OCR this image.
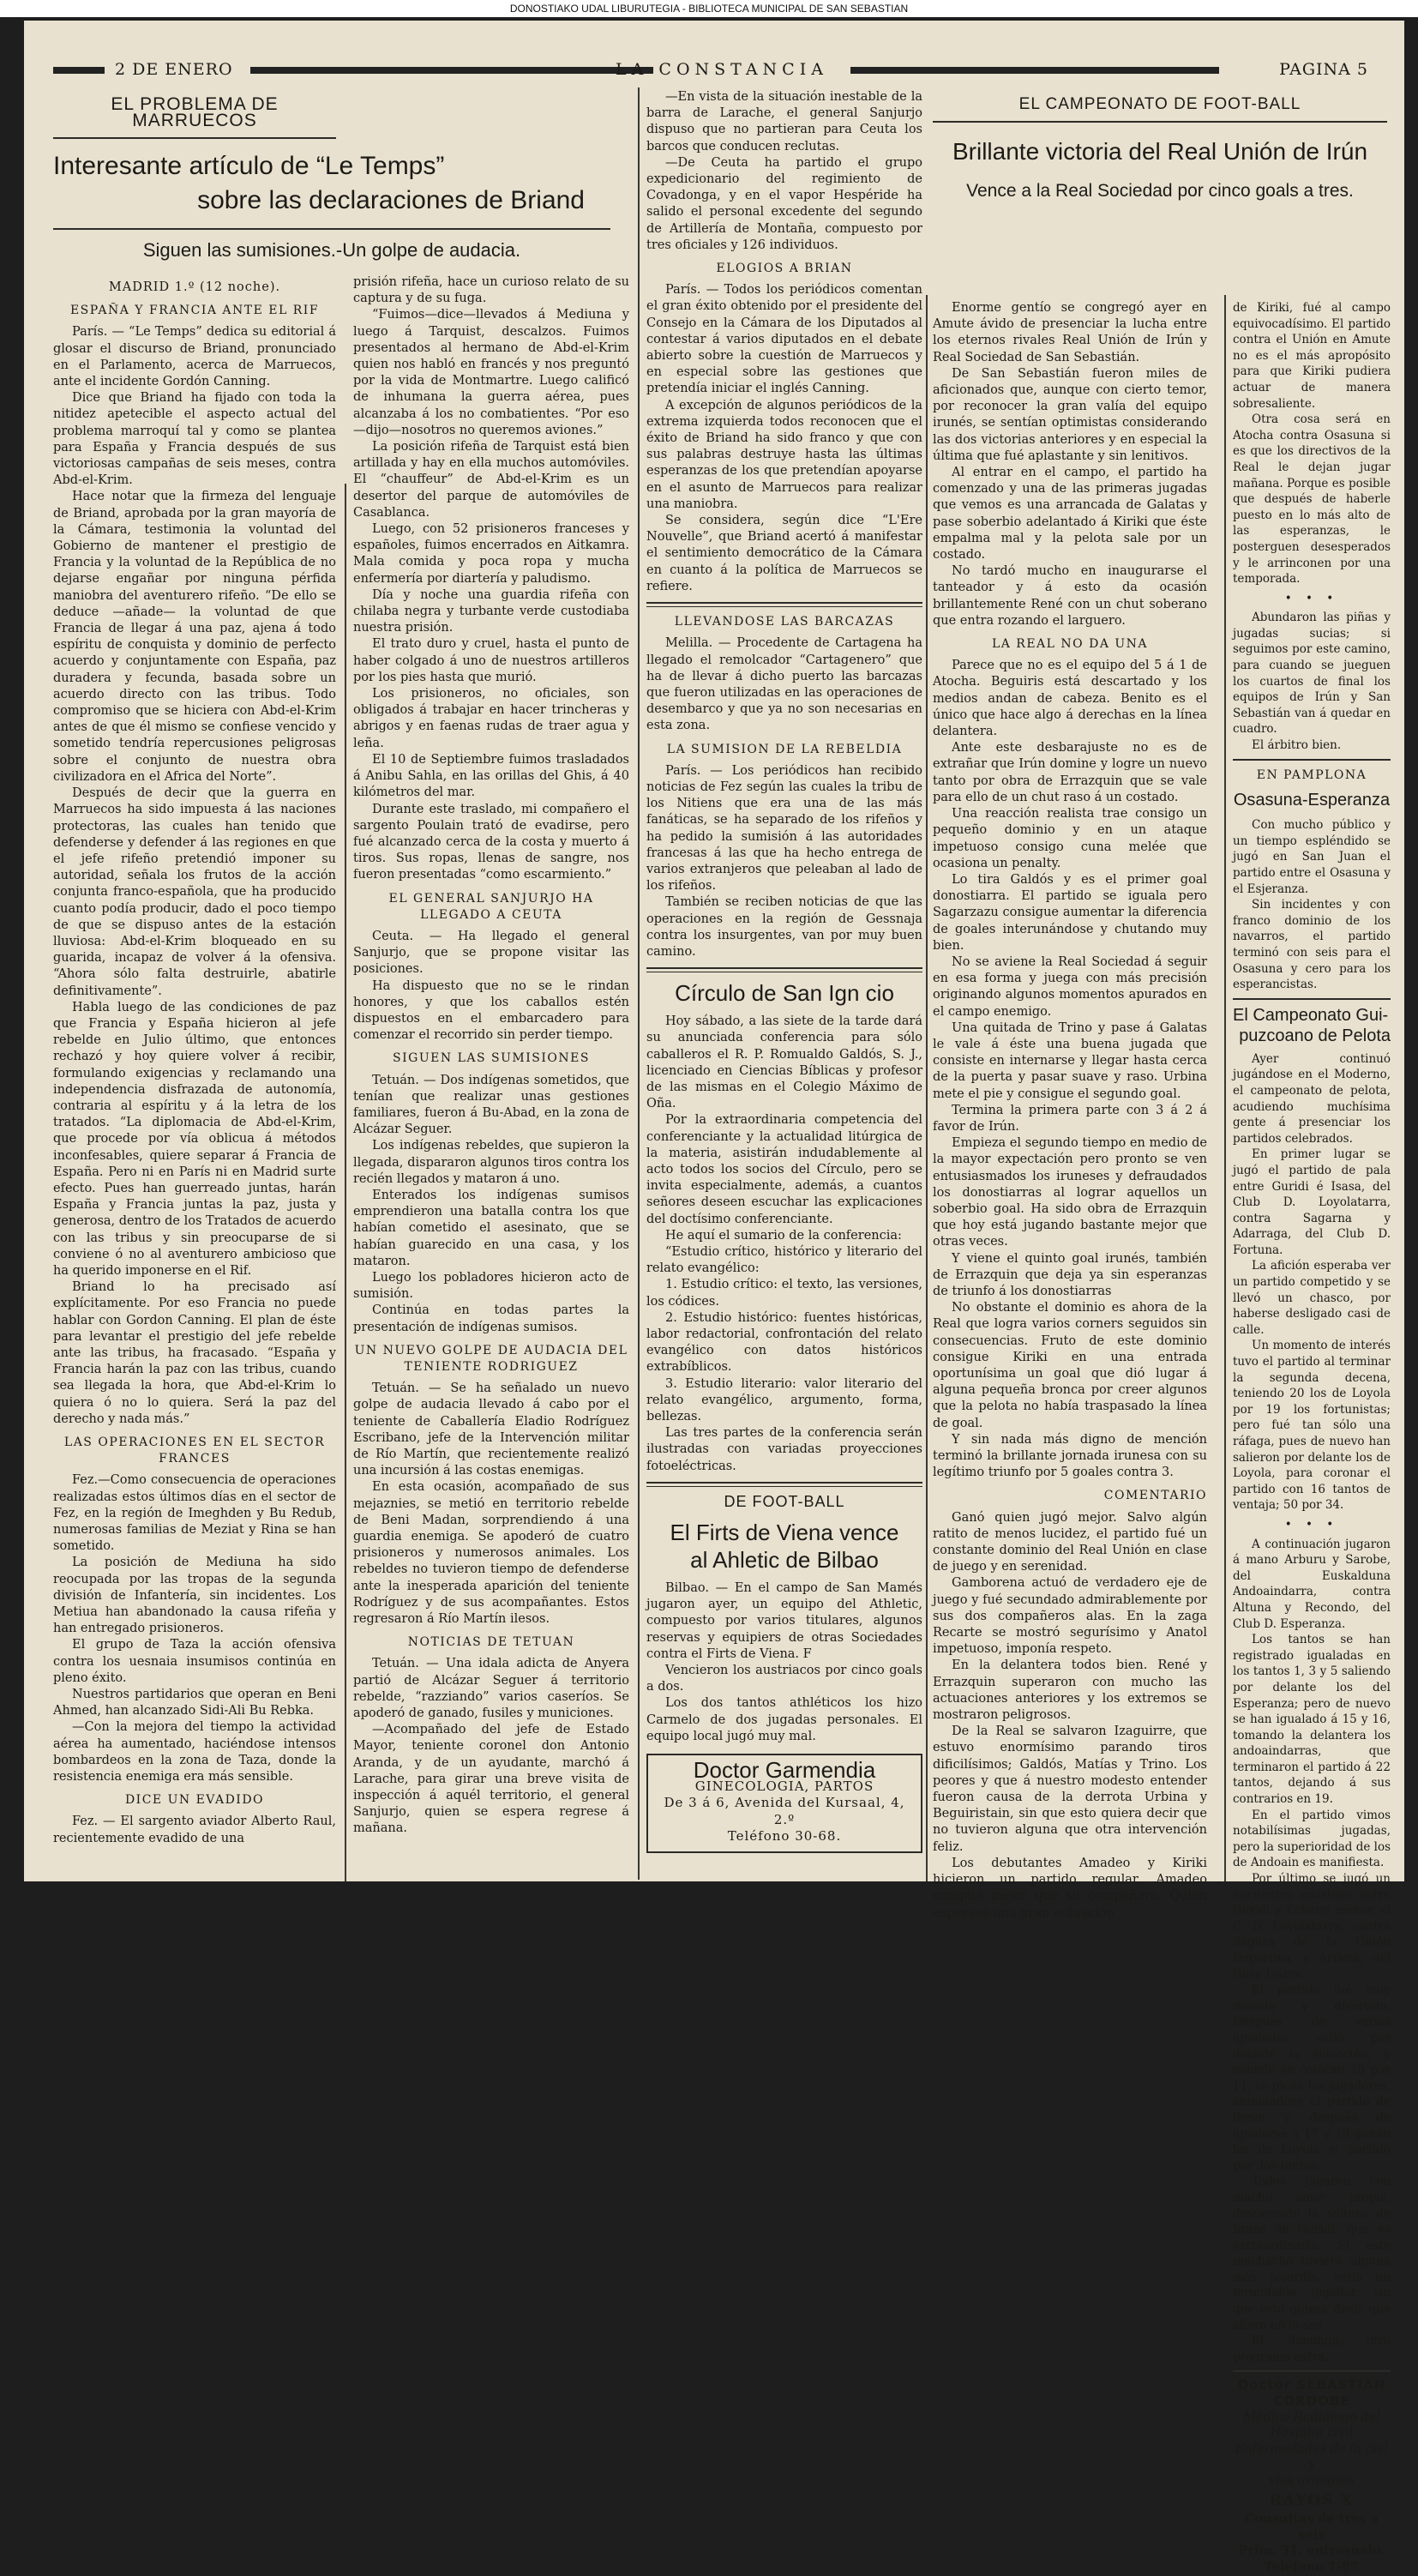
DONOSTIAKO UDAL LIBURUTEGIA - BIBLIOTECA MUNICIPAL DE SAN SEBASTIAN
2 DE ENERO	LA CONSTANCIA	PAGINA 5
EL PROBLEMA DE MARRUECOS
Interesante artículo de “Le Temps”
sobre las declaraciones de Briand
Siguen las sumisiones.-Un golpe de audacia.

—En vista de la situación inestable de la barra de Larache, el general Sanjurjo dispuso que no partieran para Ceuta los barcos que conducen reclutas.

—De Ceuta ha partido el grupo expedicionario del regimiento de Covadonga, y en el vapor Hespéride ha salido el personal excedente del segundo de Artillería de Montaña, compuesto por tres oficiales y 126 individuos.

ELOGIOS A BRIAN

París. — Todos los periódicos comentan el gran éxito obtenido por el presidente del Consejo en la Cámara de los Diputados al contestar á varios diputados en el debate abierto sobre la cuestión de Marruecos y en especial sobre las gestiones que pretendía iniciar el inglés Canning.

A excepción de algunos periódicos de la extrema izquierda todos reconocen que el éxito de Briand ha sido franco y que con sus palabras destruye hasta las últimas esperanzas de los que pretendían apoyarse en el asunto de Marruecos para realizar una maniobra.

Se considera, según dice “L'Ere Nouvelle”, que Briand acertó á manifestar el sentimiento democrático de la Cámara en cuanto á la política de Marruecos se refiere.

LLEVANDOSE LAS BARCAZAS

Melilla. — Procedente de Cartagena ha llegado el remolcador “Cartagenero” que ha de llevar á dicho puerto las barcazas que fueron utilizadas en las operaciones de desembarco y que ya no son necesarias en esta zona.

LA SUMISION DE LA REBELDIA

París. — Los periódicos han recibido noticias de Fez según las cuales la tribu de los Nitiens que era una de las más fanáticas, se ha separado de los rifeños y ha pedido la sumisión á las autoridades francesas á las que ha hecho entrega de varios extranjeros que peleaban al lado de los rifeños.

También se reciben noticias de que las operaciones en la región de Gessnaja contra los insurgentes, van por muy buen camino.

Círculo de San Ign cio

Hoy sábado, a las siete de la tarde dará su anunciada conferencia para sólo caballeros el R. P. Romualdo Galdós, S. J., licenciado en Ciencias Bíblicas y profesor de las mismas en el Colegio Máximo de Oña.

Por la extraordinaria competencia del conferenciante y la actualidad litúrgica de la materia, asistirán indudablemente al acto todos los socios del Círculo, pero se invita especialmente, además, a cuantos señores deseen escuchar las explicaciones del doctísimo conferenciante.

He aquí el sumario de la conferencia:

“Estudio crítico, histórico y literario del relato evangélico:

1. Estudio crítico: el texto, las versiones, los códices.

2. Estudio histórico: fuentes históricas, labor redactorial, confrontación del relato evangélico con datos históricos extrabíblicos.

3. Estudio literario: valor literario del relato evangélico, argumento, forma, bellezas.

Las tres partes de la conferencia serán ilustradas con variadas proyecciones fotoeléctricas.

DE FOOT-BALL
El Firts de Viena vence
al Ahletic de Bilbao

Bilbao. — En el campo de San Mamés jugaron ayer, un equipo del Athletic, compuesto por varios titulares, algunos reservas y equipiers de otras Sociedades contra el Firts de Viena. F

Vencieron los austriacos por cinco goals a dos.

Los dos tantos athléticos los hizo Carmelo de dos jugadas personales. El equipo local jugó muy mal.

Doctor Garmendia
GINECOLOGIA, PARTOS
De 3 á 6, Avenida del Kursaal, 4, 2.º
Teléfono 30-68.
MADRID 1.º (12 noche).
ESPAÑA Y FRANCIA ANTE EL RIF

París. — “Le Temps” dedica su editorial á glosar el discurso de Briand, pronunciado en el Parlamento, acerca de Marruecos, ante el incidente Gordón Canning.

Dice que Briand ha fijado con toda la nitidez apetecible el aspecto actual del problema marroquí tal y como se plantea para España y Francia después de sus victoriosas campañas de seis meses, contra Abd-el-Krim.

Hace notar que la firmeza del lenguaje de Briand, aprobada por la gran mayoría de la Cámara, testimonia la voluntad del Gobierno de mantener el prestigio de Francia y la voluntad de la República de no dejarse engañar por ninguna pérfida maniobra del aventurero rifeño. “De ello se deduce —añade— la voluntad de que Francia de llegar á una paz, ajena á todo espíritu de conquista y dominio de perfecto acuerdo y conjuntamente con España, paz duradera y fecunda, basada sobre un acuerdo directo con las tribus. Todo compromiso que se hiciera con Abd-el-Krim antes de que él mismo se confiese vencido y sometido tendría repercusiones peligrosas sobre el conjunto de nuestra obra civilizadora en el Africa del Norte”.

Después de decir que la guerra en Marruecos ha sido impuesta á las naciones protectoras, las cuales han tenido que defenderse y defender á las regiones en que el jefe rifeño pretendió imponer su autoridad, señala los frutos de la acción conjunta franco-española, que ha producido cuanto podía producir, dado el poco tiempo de que se dispuso antes de la estación lluviosa: Abd-el-Krim bloqueado en su guarida, incapaz de volver á la ofensiva. “Ahora sólo falta destruirle, abatirle definitivamente”.

Habla luego de las condiciones de paz que Francia y España hicieron al jefe rebelde en Julio último, que entonces rechazó y hoy quiere volver á recibir, formulando exigencias y reclamando una independencia disfrazada de autonomía, contraria al espíritu y á la letra de los tratados. “La diplomacia de Abd-el-Krim, que procede por vía oblicua á métodos inconfesables, quiere separar á Francia de España. Pero ni en París ni en Madrid surte efecto. Pues han guerreado juntas, harán España y Francia juntas la paz, justa y generosa, dentro de los Tratados de acuerdo con las tribus y sin preocuparse de si conviene ó no al aventurero ambicioso que ha querido imponerse en el Rif.

Briand lo ha precisado así explícitamente. Por eso Francia no puede hablar con Gordon Canning. El plan de éste para levantar el prestigio del jefe rebelde ante las tribus, ha fracasado. “España y Francia harán la paz con las tribus, cuando sea llegada la hora, que Abd-el-Krim lo quiera ó no lo quiera. Será la paz del derecho y nada más.”

LAS OPERACIONES EN EL SECTOR FRANCES

Fez.—Como consecuencia de operaciones realizadas estos últimos días en el sector de Fez, en la región de Imeghden y Bu Redub, numerosas familias de Meziat y Rina se han sometido.

La posición de Mediuna ha sido reocupada por las tropas de la segunda división de Infantería, sin incidentes. Los Metiua han abandonado la causa rifeña y han entregado prisioneros.

El grupo de Taza la acción ofensiva contra los uesnaia insumisos continúa en pleno éxito.

Nuestros partidarios que operan en Beni Ahmed, han alcanzado Sidi-Ali Bu Rebka.

—Con la mejora del tiempo la actividad aérea ha aumentado, haciéndose intensos bombardeos en la zona de Taza, donde la resistencia enemiga era más sensible.

DICE UN EVADIDO

Fez. — El sargento aviador Alberto Raul, recientemente evadido de una

prisión rifeña, hace un curioso relato de su captura y de su fuga.

“Fuimos—dice—llevados á Mediuna y luego á Tarquist, descalzos. Fuimos presentados al hermano de Abd-el-Krim quien nos habló en francés y nos preguntó por la vida de Montmartre. Luego calificó de inhumana la guerra aérea, pues alcanzaba á los no combatientes. “Por eso—dijo—nosotros no queremos aviones.”

La posición rifeña de Tarquist está bien artillada y hay en ella muchos automóviles. El “chauffeur” de Abd-el-Krim es un desertor del parque de automóviles de Casablanca.

Luego, con 52 prisioneros franceses y españoles, fuimos encerrados en Aitkamra. Mala comida y poca ropa y mucha enfermería por diartería y paludismo.

Día y noche una guardia rifeña con chilaba negra y turbante verde custodiaba nuestra prisión.

El trato duro y cruel, hasta el punto de haber colgado á uno de nuestros artilleros por los pies hasta que murió.

Los prisioneros, no oficiales, son obligados á trabajar en hacer trincheras y abrigos y en faenas rudas de traer agua y leña.

El 10 de Septiembre fuimos trasladados á Anibu Sahla, en las orillas del Ghis, á 40 kilómetros del mar.

Durante este traslado, mi compañero el sargento Poulain trató de evadirse, pero fué alcanzado cerca de la costa y muerto á tiros. Sus ropas, llenas de sangre, nos fueron presentadas “como escarmiento.”

EL GENERAL SANJURJO HA LLEGADO A CEUTA

Ceuta. — Ha llegado el general Sanjurjo, que se propone visitar las posiciones.

Ha dispuesto que no se le rindan honores, y que los caballos estén dispuestos en el embarcadero para comenzar el recorrido sin perder tiempo.

SIGUEN LAS SUMISIONES

Tetuán. — Dos indígenas sometidos, que tenían que realizar unas gestiones familiares, fueron á Bu-Abad, en la zona de Alcázar Seguer.

Los indígenas rebeldes, que supieron la llegada, dispararon algunos tiros contra los recién llegados y mataron á uno.

Enterados los indígenas sumisos emprendieron una batalla contra los que habían cometido el asesinato, que se habían guarecido en una casa, y los mataron.

Luego los pobladores hicieron acto de sumisión.

Continúa en todas partes la presentación de indígenas sumisos.

UN NUEVO GOLPE DE AUDACIA DEL TENIENTE RODRIGUEZ

Tetuán. — Se ha señalado un nuevo golpe de audacia llevado á cabo por el teniente de Caballería Eladio Rodríguez Escribano, jefe de la Intervención militar de Río Martín, que recientemente realizó una incursión á las costas enemigas.

En esta ocasión, acompañado de sus mejaznies, se metió en territorio rebelde de Beni Madan, sorprendiendo á una guardia enemiga. Se apoderó de cuatro prisioneros y numerosos animales. Los rebeldes no tuvieron tiempo de defenderse ante la inesperada aparición del teniente Rodríguez y de sus acompañantes. Estos regresaron á Río Martín ilesos.

NOTICIAS DE TETUAN

Tetuán. — Una idala adicta de Anyera partió de Alcázar Seguer á territorio rebelde, “razziando” varios caseríos. Se apoderó de ganado, fusiles y municiones.

—Acompañado del jefe de Estado Mayor, teniente coronel don Antonio Aranda, y de un ayudante, marchó á Larache, para girar una breve visita de inspección á aquél territorio, el general Sanjurjo, quien se espera regrese á mañana.

EL CAMPEONATO DE FOOT-BALL
Brillante victoria del Real Unión de Irún
Vence a la Real Sociedad por cinco goals a tres.

Enorme gentío se congregó ayer en Amute ávido de presenciar la lucha entre los eternos rivales Real Unión de Irún y Real Sociedad de San Sebastián.

De San Sebastián fueron miles de aficionados que, aunque con cierto temor, por reconocer la gran valía del equipo irunés, se sentían optimistas considerando las dos victorias anteriores y en especial la última que fué aplastante y sin lenitivos.

Al entrar en el campo, el partido ha comenzado y una de las primeras jugadas que vemos es una arrancada de Galatas y pase soberbio adelantado á Kiriki que éste empalma mal y la pelota sale por un costado.

No tardó mucho en inaugurarse el tanteador y á esto da ocasión brillantemente René con un chut soberano que entra rozando el larguero.

LA REAL NO DA UNA

Parece que no es el equipo del 5 á 1 de Atocha. Beguiris está descartado y los medios andan de cabeza. Benito es el único que hace algo á derechas en la línea delantera.

Ante este desbarajuste no es de extrañar que Irún domine y logre un nuevo tanto por obra de Errazquin que se vale para ello de un chut raso á un costado.

Una reacción realista trae consigo un pequeño dominio y en un ataque impetuoso consigo cuna melée que ocasiona un penalty.

Lo tira Galdós y es el primer goal donostiarra. El partido se iguala pero Sagarzazu consigue aumentar la diferencia de goales interunándose y chutando muy bien.

No se aviene la Real Sociedad á seguir en esa forma y juega con más precisión originando algunos momentos apurados en el campo enemigo.

Una quitada de Trino y pase á Galatas le vale á éste una buena jugada que consiste en internarse y llegar hasta cerca de la puerta y pasar suave y raso. Urbina mete el pie y consigue el segundo goal.

Termina la primera parte con 3 á 2 á favor de Irún.

Empieza el segundo tiempo en medio de la mayor expectación pero pronto se ven entusiasmados los iruneses y defraudados los donostiarras al lograr aquellos un soberbio goal. Ha sido obra de Errazquin que hoy está jugando bastante mejor que otras veces.

Y viene el quinto goal irunés, también de Errazquin que deja ya sin esperanzas de triunfo á los donostiarras

No obstante el dominio es ahora de la Real que logra varios corners seguidos sin consecuencias. Fruto de este dominio consigue Kiriki en una entrada oportunísima un goal que dió lugar á alguna pequeña bronca por creer algunos que la pelota no había traspasado la línea de goal.

Y sin nada más digno de mención terminó la brillante jornada irunesa con su legítimo triunfo por 5 goales contra 3.

COMENTARIO

Ganó quien jugó mejor. Salvo algún ratito de menos lucidez, el partido fué un constante dominio del Real Unión en clase de juego y en serenidad.

Gamborena actuó de verdadero eje de juego y fué secundado admirablemente por sus dos compañeros alas. En la zaga Recarte se mostró segurísimo y Anatol impetuoso, imponía respeto.

En la delantera todos bien. René y Errazquin superaron con mucho las actuaciones anteriores y los extremos se mostraron peligrosos.

De la Real se salvaron Izaguirre, que estuvo enormísimo parando tiros dificilísimos; Galdós, Matías y Trino. Los peores y que á nuestro modesto entender fueron causa de la derrota Urbina y Beguiristain, sin que esto quiera decir que no tuvieron alguna que otra intervención feliz.

Los debutantes Amadeo y Kiriki hicieron un partido regular, Amadeo cumplió mejor que su compañero. Quien esperase una gran actuación

de Kiriki, fué al campo equivocadísimo. El partido contra el Unión en Amute no es el más apropósito para que Kiriki pudiera actuar de manera sobresaliente.

Otra cosa será en Atocha contra Osasuna si es que los directivos de la Real le dejan jugar mañana. Porque es posible que después de haberle puesto en lo más alto de las esperanzas, le posterguen desesperados y le arrinconen por una temporada.

• • •

Abundaron las piñas y jugadas sucias; si seguimos por este camino, para cuando se jueguen los cuartos de final los equipos de Irún y San Sebastián van á quedar en cuadro.

El árbitro bien.

EN PAMPLONA
Osasuna-Esperanza

Con mucho público y un tiempo espléndido se jugó en San Juan el partido entre el Osasuna y el Esjeranza.

Sin incidentes y con franco dominio de los navarros, el partido terminó con seis para el Osasuna y cero para los esperancistas.

El Campeonato Gui-
puzcoano de Pelota

Ayer continuó jugándose en el Moderno, el campeonato de pelota, acudiendo muchísima gente á presenciar los partidos celebrados.

En primer lugar se jugó el partido de pala entre Guridi é Isasa, del Club D. Loyolatarra, contra Sagarna y Adarraga, del Club D. Fortuna.

La afición esperaba ver un partido competido y se llevó un chasco, por haberse desligado casi de calle.

Un momento de interés tuvo el partido al terminar la segunda decena, teniendo 20 los de Loyola por 19 los fortunistas; pero fué tan sólo una ráfaga, pues de nuevo han salieron por delante los de Loyola, para coronar el partido con 16 tantos de ventaja; 50 por 34.

• • •

A continuación jugaron á mano Arburu y Sarobe, del Euskalduna Andoaindarra, contra Altuna y Recondo, del Club D. Esperanza.

Los tantos se han registrado igualadas en los tantos 1, 3 y 5 saliendo por delante los del Esperanza; pero de nuevo se han igualado á 15 y 16, tomando la delantera los andoaindarras, que terminaron el partido á 22 tantos, dejando á sus contrarios en 19.

En el partido vimos notabilísimas jugadas, pero la superioridad de los de Andoain es manifiesta.

Por último se jugó un encuentro amistoso entre Guridi y Echarri menor, el C. D. Loyolatarra, contra Segura de la Unión Deportiva, y Arrieta, del Gure Izarra.

El partido fué muy movido y divertido. Después de varias igualadas salió por delante la selección, y cuando se colocan 16 por 11, se pican los jugadores, animándose el partido de lleno; y después de igualarse á 17 y 18 ganan los de Loyola el partido por dos tantos.

Todos jugaron con mucho amor propio, destacando la soltura de brazo de Guridi, que es extraordinaria. Si este muchacho tuviera alguna más picardía, sería un formidable jugador, sin que esto quiera decir que ahora no lo sea.

El domingo, otro programa extra.

Doctor SEBASTIAN CORDOBE
Médico Radiólogo del Hospital civil
Enfermedades de la piel y
vías urinarias
RAYOS X
Consultas de tres a seis
Prim, 31, entresuelo. Teléfono 1-87
